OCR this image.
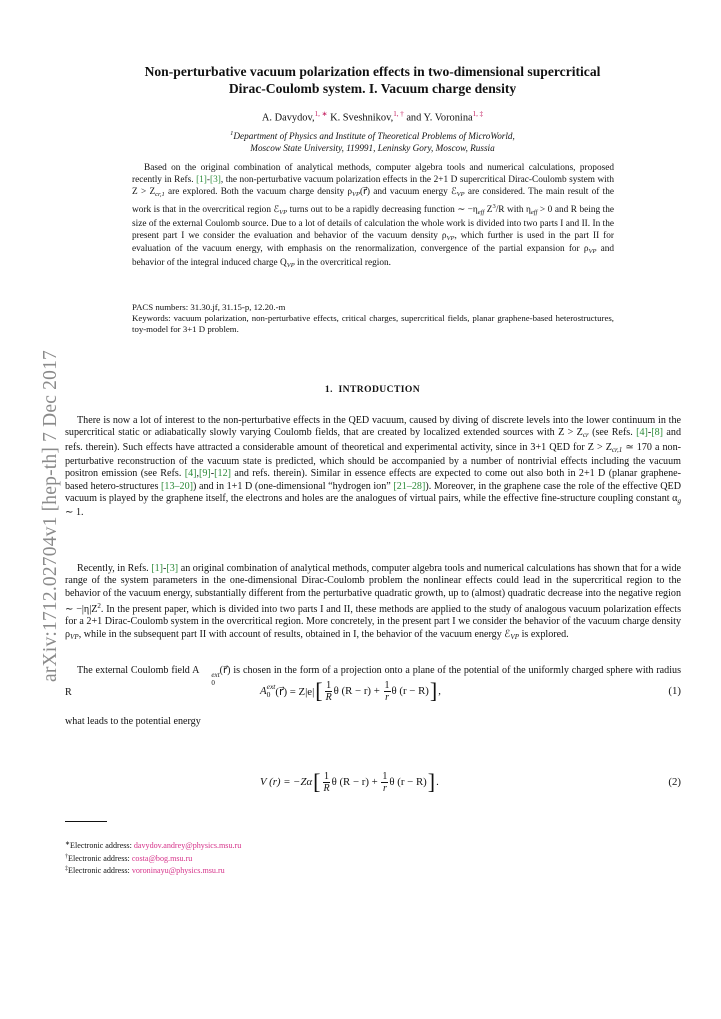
arXiv:1712.02704v1 [hep-th] 7 Dec 2017
Non-perturbative vacuum polarization effects in two-dimensional supercritical
Dirac-Coulomb system. I. Vacuum charge density
A. Davydov,$^{1, ∗}$ K. Sveshnikov,$^{1, \dagger}$ and Y. Voronina$^{1, \ddagger}$
$^1$Department of Physics and Institute of Theoretical Problems of MicroWorld,
Moscow State University, 119991, Leninsky Gory, Moscow, Russia
Based on the original combination of analytical methods, computer algebra tools and numerical calculations, proposed recently in Refs. [1]-[3], the non-perturbative vacuum polarization effects in the 2+1 D supercritical Dirac-Coulomb system with $Z > Z_{cr,1}$ are explored. Both the vacuum charge density $\rho_{VP}(r⃗)$ and vacuum energy ℰ$_{VP}$ are considered. The main result of the work is that in the overcritical region ℰ$_{VP}$ turns out to be a rapidly decreasing function ∼ $-\eta_{eff}$ $Z^3/R$ with $\eta_{eff} > 0$ and R being the size of the external Coulomb source. Due to a lot of details of calculation the whole work is divided into two parts I and II. In the present part I we consider the evaluation and behavior of the vacuum density $\rho_{VP}$, which further is used in the part II for evaluation of the vacuum energy, with emphasis on the renormalization, convergence of the partial expansion for $\rho_{VP}$ and behavior of the integral induced charge $Q_{VP}$ in the overcritical region.
PACS numbers: 31.30.jf, 31.15-p, 12.20.-m
Keywords: vacuum polarization, non-perturbative effects, critical charges, supercritical fields, planar graphene-based heterostructures, toy-model for 3+1 D problem.
1. INTRODUCTION
There is now a lot of interest to the non-perturbative effects in the QED vacuum, caused by diving of discrete levels into the lower continuum in the supercritical static or adiabatically slowly varying Coulomb fields, that are created by localized extended sources with $Z > Z_{cr}$ (see Refs. [4]-[8] and refs. therein). Such effects have attracted a considerable amount of theoretical and experimental activity, since in 3+1 QED for $Z > Z_{cr,1}$ ≃ 170 a non-perturbative reconstruction of the vacuum state is predicted, which should be accompanied by a number of nontrivial effects including the vacuum positron emission (see Refs. [4],[9]-[12] and refs. therein). Similar in essence effects are expected to come out also both in 2+1 D (planar graphene-based hetero-structures [13–20]) and in 1+1 D (one-dimensional “hydrogen ion” [21–28]). Moreover, in the graphene case the role of the effective QED vacuum is played by the graphene itself, the electrons and holes are the analogues of virtual pairs, while the effective fine-structure coupling constant $\alpha_g$ ∼ 1.
Recently, in Refs. [1]-[3] an original combination of analytical methods, computer algebra tools and numerical calculations has shown that for a wide range of the system parameters in the one-dimensional Dirac-Coulomb problem the nonlinear effects could lead in the supercritical region to the behavior of the vacuum energy, substantially different from the perturbative quadratic growth, up to (almost) quadratic decrease into the negative region ∼ $-|\eta|Z^2$. In the present paper, which is divided into two parts I and II, these methods are applied to the study of analogous vacuum polarization effects for a 2+1 Dirac-Coulomb system in the overcritical region. More concretely, in the present part I we consider the behavior of the vacuum charge density $\rho_{VP}$, while in the subsequent part II with account of results, obtained in I, the behavior of the vacuum energy ℰ$_{VP}$ is explored.
The external Coulomb field A	ext
0
(r⃗) is chosen in the form of a projection onto a plane of the potential of the uniformly charged sphere with radius R	A ext
0 (r⃗) = Z|e| [ $\frac{1}{R}$ θ (R − r) +
$\frac{1}{r}$ θ (r − R) ] ,	(1)
what leads to the potential energy
V (r) = −Zα [ $\frac{1}{R}$ θ (R − r) +
$\frac{1}{r}$ θ (r − R) ] .	(2)
∗Electronic address: davydov.andrey@physics.msu.ru
†Electronic address: costa@bog.msu.ru
‡Electronic address: voroninayu@physics.msu.ru
